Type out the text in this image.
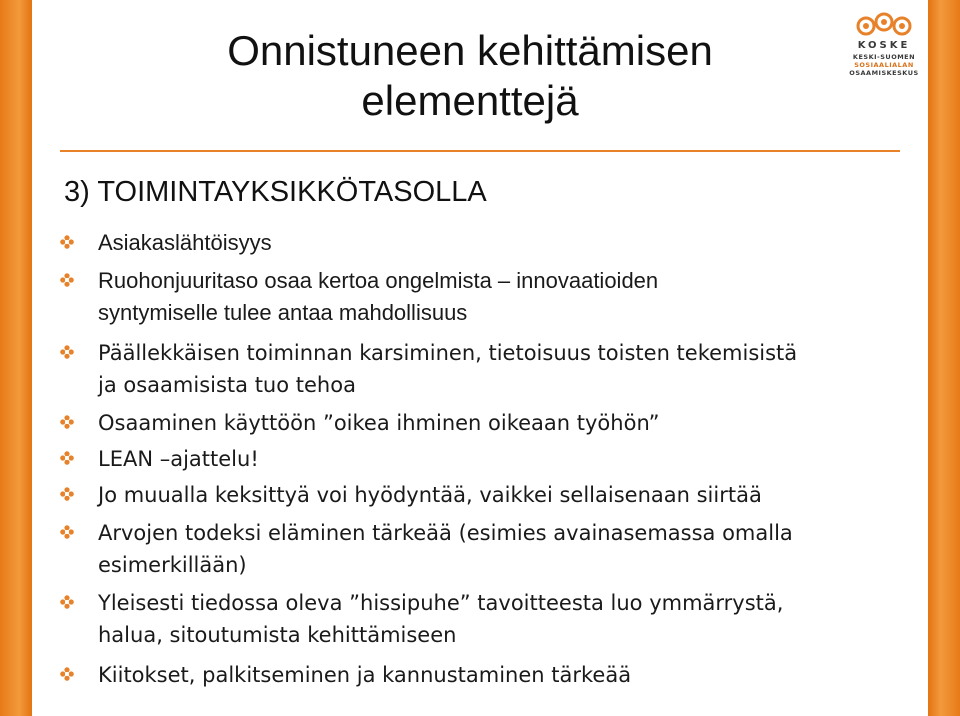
KOSKE
KESKI-SUOMEN
SOSIAALIALAN
OSAAMISKESKUS
Onnistuneen kehittämisen
elementtejä
3) TOIMINTAYKSIKKÖTASOLLA
Asiakaslähtöisyys
Ruohonjuuritaso osaa kertoa ongelmista – innovaatioiden
syntymiselle tulee antaa mahdollisuus
Päällekkäisen toiminnan karsiminen, tietoisuus toisten tekemisistä
ja osaamisista tuo tehoa
Osaaminen käyttöön ”oikea ihminen oikeaan työhön”
LEAN –ajattelu!
Jo muualla keksittyä voi hyödyntää, vaikkei sellaisenaan siirtää
Arvojen todeksi eläminen tärkeää (esimies avainasemassa omalla
esimerkillään)
Yleisesti tiedossa oleva ”hissipuhe” tavoitteesta luo ymmärrystä,
halua, sitoutumista kehittämiseen
Kiitokset, palkitseminen ja kannustaminen tärkeää
